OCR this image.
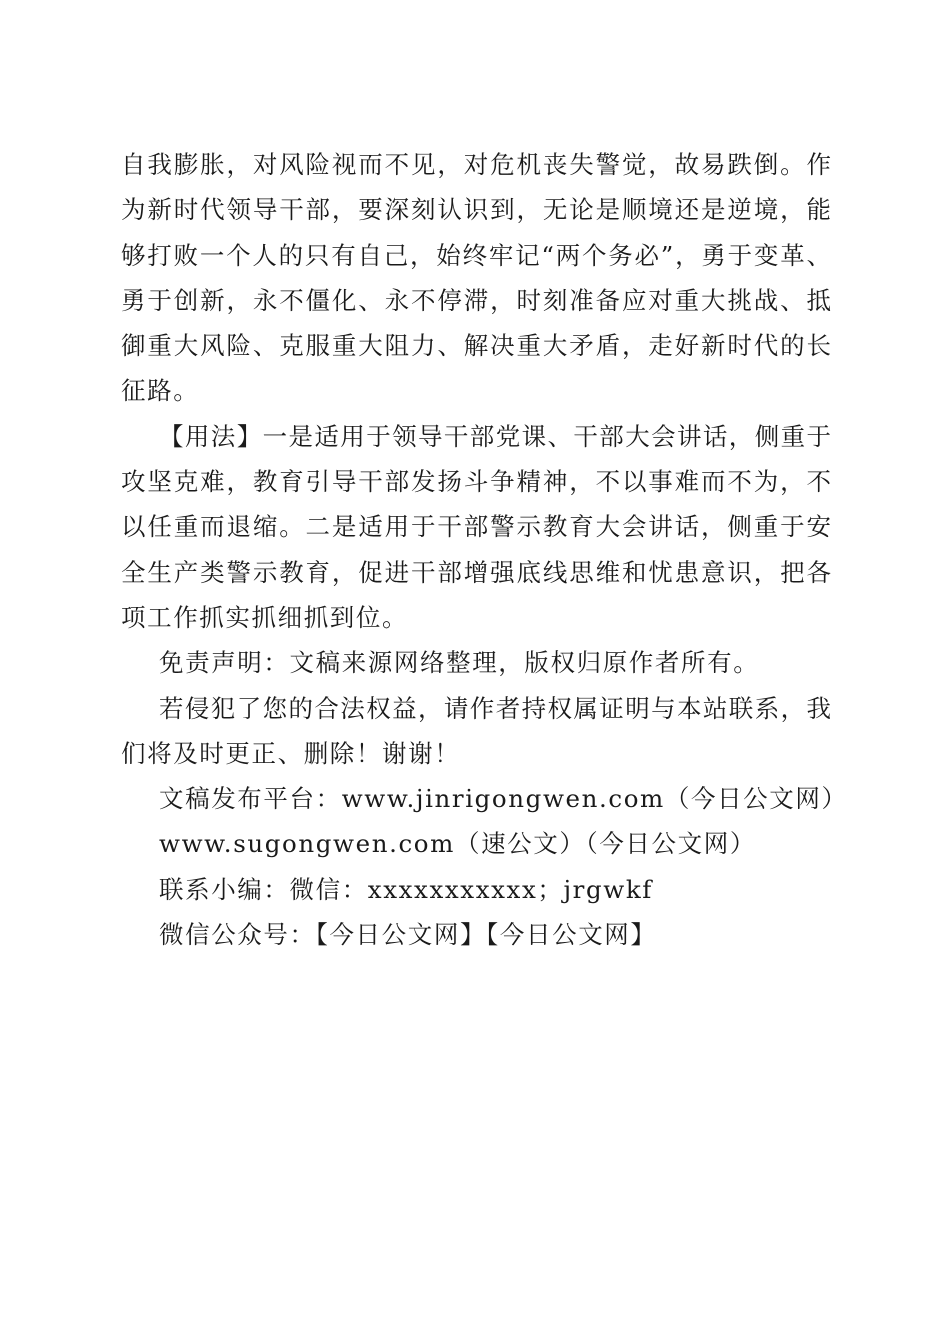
自我膨胀，对风险视而不见，对危机丧失警觉，故易跌倒。作
为新时代领导干部，要深刻认识到，无论是顺境还是逆境，能
够打败一个人的只有自己，始终牢记“两个务必”，勇于变革、
勇于创新，永不僵化、永不停滞，时刻准备应对重大挑战、抵
御重大风险、克服重大阻力、解决重大矛盾，走好新时代的长
征路。
【用法】一是适用于领导干部党课、干部大会讲话，侧重于
攻坚克难，教育引导干部发扬斗争精神，不以事难而不为，不
以任重而退缩。二是适用于干部警示教育大会讲话，侧重于安
全生产类警示教育，促进干部增强底线思维和忧患意识，把各
项工作抓实抓细抓到位。
免责声明：文稿来源网络整理，版权归原作者所有。
若侵犯了您的合法权益，请作者持权属证明与本站联系，我
们将及时更正、删除！谢谢！
文稿发布平台：www.jinrigongwen.com（今日公文网）
www.sugongwen.com（速公文）（今日公文网）
联系小编：微信：xxxxxxxxxxx；jrgwkf
微信公众号：【今日公文网】【今日公文网】
